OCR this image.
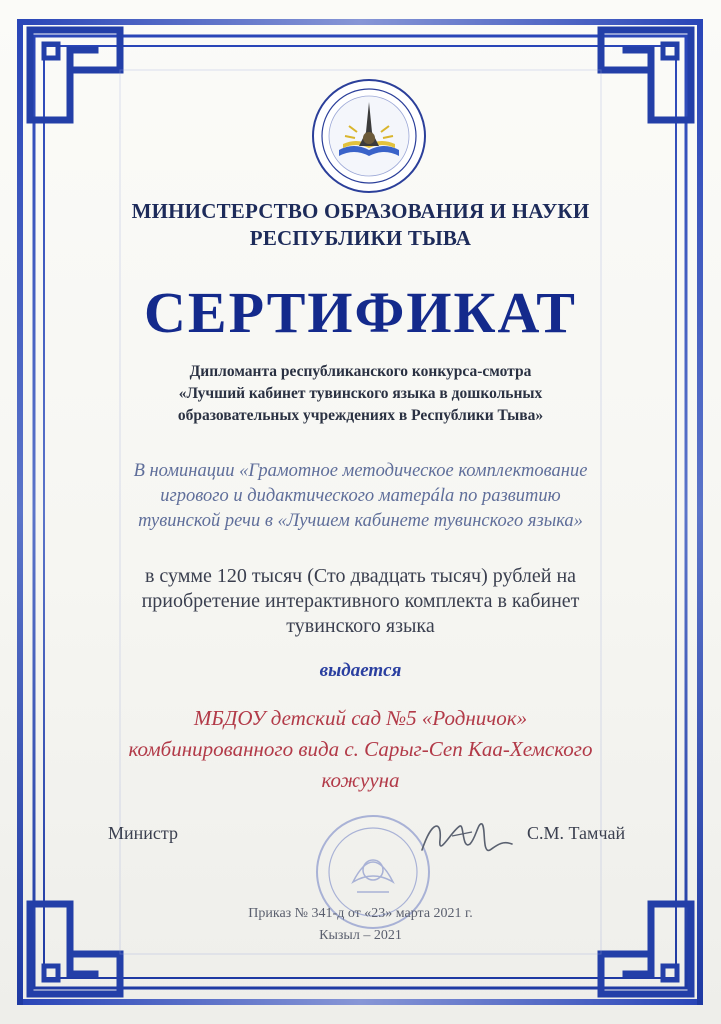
МИНИСТЕРСТВО ОБРАЗОВАНИЯ И НАУКИ
РЕСПУБЛИКИ ТЫВА
СЕРТИФИКАТ
Дипломанта республиканского конкурса-смотра
«Лучший кабинет тувинского языка в дошкольных
образовательных учреждениях в Республики Тыва»
В номинации «Грамотное методическое комплектование
игрового и дидактического матерála по развитию
тувинской речи в «Лучшем кабинете тувинского языка»
в сумме 120 тысяч (Сто двадцать тысяч) рублей на
приобретение интерактивного комплекта в кабинет
тувинского языка
выдается
МБДОУ детский сад №5 «Родничок»
комбинированного вида с. Сарыг-Сеп Каа-Хемского
кожууна
Министр	С.М. Тамчай
Приказ № 341-д от «23» марта 2021 г.
Кызыл – 2021
